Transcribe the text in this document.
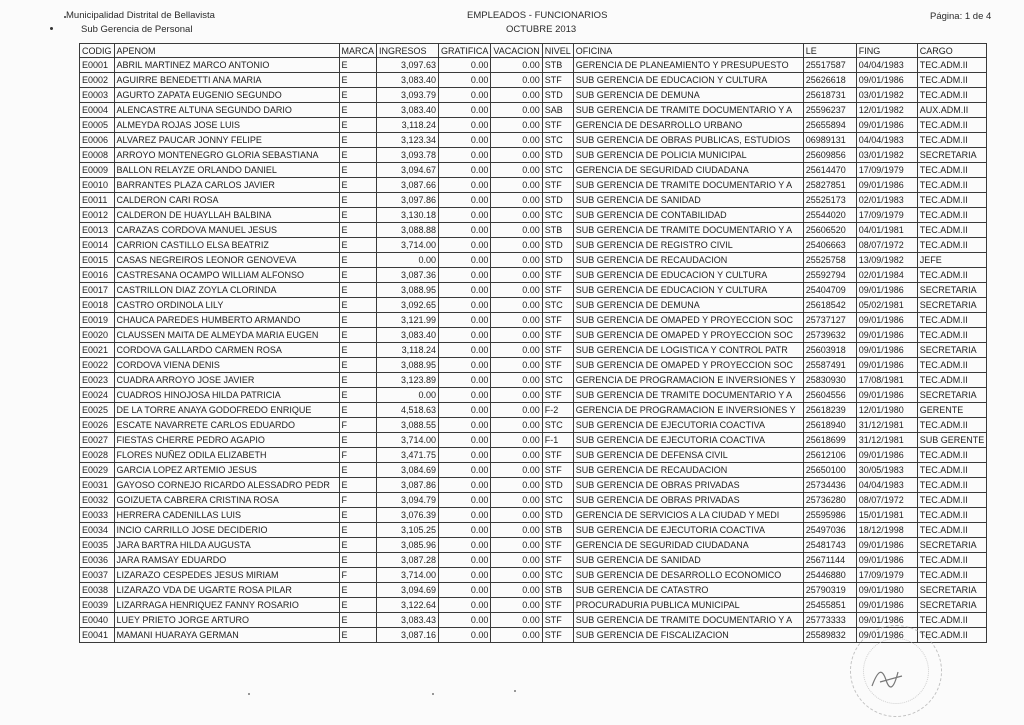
Municipalidad Distrital de Bellavista
Sub Gerencia de Personal
EMPLEADOS - FUNCIONARIOS
OCTUBRE 2013
Página: 1 de 4
CODIG	APENOM	MARCA	INGRESOS	GRATIFICA	VACACION	NIVEL	OFICINA	LE	FING	CARGO
E0001	ABRIL MARTINEZ MARCO ANTONIO	E	3,097.63	0.00	0.00	STB	GERENCIA DE PLANEAMIENTO Y PRESUPUESTO	25517587	04/04/1983	TEC.ADM.II
E0002	AGUIRRE BENEDETTI ANA MARIA	E	3,083.40	0.00	0.00	STF	SUB GERENCIA DE EDUCACION Y CULTURA	25626618	09/01/1986	TEC.ADM.II
E0003	AGURTO ZAPATA EUGENIO SEGUNDO	E	3,093.79	0.00	0.00	STD	SUB GERENCIA DE DEMUNA	25618731	03/01/1982	TEC.ADM.II
E0004	ALENCASTRE ALTUNA SEGUNDO DARIO	E	3,083.40	0.00	0.00	SAB	SUB GERENCIA DE TRAMITE DOCUMENTARIO Y A	25596237	12/01/1982	AUX.ADM.II
E0005	ALMEYDA ROJAS JOSE LUIS	E	3,118.24	0.00	0.00	STF	GERENCIA DE DESARROLLO URBANO	25655894	09/01/1986	TEC.ADM.II
E0006	ALVAREZ PAUCAR JONNY FELIPE	E	3,123.34	0.00	0.00	STC	SUB GERENCIA DE OBRAS PUBLICAS, ESTUDIOS	06989131	04/04/1983	TEC.ADM.II
E0008	ARROYO MONTENEGRO GLORIA SEBASTIANA	E	3,093.78	0.00	0.00	STD	SUB GERENCIA DE POLICIA MUNICIPAL	25609856	03/01/1982	SECRETARIA
E0009	BALLON RELAYZE ORLANDO DANIEL	E	3,094.67	0.00	0.00	STC	GERENCIA DE SEGURIDAD CIUDADANA	25614470	17/09/1979	TEC.ADM.II
E0010	BARRANTES PLAZA CARLOS JAVIER	E	3,087.66	0.00	0.00	STF	SUB GERENCIA DE TRAMITE DOCUMENTARIO Y A	25827851	09/01/1986	TEC.ADM.II
E0011	CALDERON CARI ROSA	E	3,097.86	0.00	0.00	STD	SUB GERENCIA DE SANIDAD	25525173	02/01/1983	TEC.ADM.II
E0012	CALDERON DE HUAYLLAH BALBINA	E	3,130.18	0.00	0.00	STC	SUB GERENCIA DE CONTABILIDAD	25544020	17/09/1979	TEC.ADM.II
E0013	CARAZAS CORDOVA MANUEL JESUS	E	3,088.88	0.00	0.00	STB	SUB GERENCIA DE TRAMITE DOCUMENTARIO Y A	25606520	04/01/1981	TEC.ADM.II
E0014	CARRION CASTILLO ELSA BEATRIZ	E	3,714.00	0.00	0.00	STD	SUB GERENCIA DE REGISTRO CIVIL	25406663	08/07/1972	TEC.ADM.II
E0015	CASAS NEGREIROS LEONOR GENOVEVA	E	0.00	0.00	0.00	STD	SUB GERENCIA DE RECAUDACION	25525758	13/09/1982	JEFE
E0016	CASTRESANA OCAMPO WILLIAM ALFONSO	E	3,087.36	0.00	0.00	STF	SUB GERENCIA DE EDUCACION Y CULTURA	25592794	02/01/1984	TEC.ADM.II
E0017	CASTRILLON DIAZ ZOYLA CLORINDA	E	3,088.95	0.00	0.00	STF	SUB GERENCIA DE EDUCACION Y CULTURA	25404709	09/01/1986	SECRETARIA
E0018	CASTRO ORDINOLA LILY	E	3,092.65	0.00	0.00	STC	SUB GERENCIA DE DEMUNA	25618542	05/02/1981	SECRETARIA
E0019	CHAUCA PAREDES HUMBERTO ARMANDO	E	3,121.99	0.00	0.00	STF	SUB GERENCIA DE OMAPED Y PROYECCION SOC	25737127	09/01/1986	TEC.ADM.II
E0020	CLAUSSEN MAITA DE ALMEYDA MARIA EUGEN	E	3,083.40	0.00	0.00	STF	SUB GERENCIA DE OMAPED Y PROYECCION SOC	25739632	09/01/1986	TEC.ADM.II
E0021	CORDOVA GALLARDO CARMEN ROSA	E	3,118.24	0.00	0.00	STF	SUB GERENCIA DE LOGISTICA Y CONTROL PATR	25603918	09/01/1986	SECRETARIA
E0022	CORDOVA VIENA DENIS	E	3,088.95	0.00	0.00	STF	SUB GERENCIA DE OMAPED Y PROYECCION SOC	25587491	09/01/1986	TEC.ADM.II
E0023	CUADRA ARROYO JOSE JAVIER	E	3,123.89	0.00	0.00	STC	GERENCIA DE PROGRAMACION E INVERSIONES Y	25830930	17/08/1981	TEC.ADM.II
E0024	CUADROS HINOJOSA HILDA PATRICIA	E	0.00	0.00	0.00	STF	SUB GERENCIA DE TRAMITE DOCUMENTARIO Y A	25604556	09/01/1986	SECRETARIA
E0025	DE LA TORRE ANAYA GODOFREDO ENRIQUE	E	4,518.63	0.00	0.00	F-2	GERENCIA DE PROGRAMACION E INVERSIONES Y	25618239	12/01/1980	GERENTE
E0026	ESCATE NAVARRETE CARLOS EDUARDO	F	3,088.55	0.00	0.00	STC	SUB GERENCIA DE EJECUTORIA COACTIVA	25618940	31/12/1981	TEC.ADM.II
E0027	FIESTAS CHERRE PEDRO AGAPIO	E	3,714.00	0.00	0.00	F-1	SUB GERENCIA DE EJECUTORIA COACTIVA	25618699	31/12/1981	SUB GERENTE
E0028	FLORES NUÑEZ ODILA ELIZABETH	F	3,471.75	0.00	0.00	STF	SUB GERENCIA DE DEFENSA CIVIL	25612106	09/01/1986	TEC.ADM.II
E0029	GARCIA LOPEZ ARTEMIO JESUS	E	3,084.69	0.00	0.00	STF	SUB GERENCIA DE RECAUDACION	25650100	30/05/1983	TEC.ADM.II
E0031	GAYOSO CORNEJO RICARDO ALESSADRO PEDR	E	3,087.86	0.00	0.00	STD	SUB GERENCIA DE OBRAS PRIVADAS	25734436	04/04/1983	TEC.ADM.II
E0032	GOIZUETA CABRERA CRISTINA ROSA	F	3,094.79	0.00	0.00	STC	SUB GERENCIA DE OBRAS PRIVADAS	25736280	08/07/1972	TEC.ADM.II
E0033	HERRERA CADENILLAS LUIS	E	3,076.39	0.00	0.00	STD	GERENCIA DE SERVICIOS A LA CIUDAD Y MEDI	25595986	15/01/1981	TEC.ADM.II
E0034	INCIO CARRILLO JOSE DECIDERIO	E	3,105.25	0.00	0.00	STB	SUB GERENCIA DE EJECUTORIA COACTIVA	25497036	18/12/1998	TEC.ADM.II
E0035	JARA BARTRA HILDA AUGUSTA	E	3,085.96	0.00	0.00	STF	GERENCIA DE SEGURIDAD CIUDADANA	25481743	09/01/1986	SECRETARIA
E0036	JARA RAMSAY EDUARDO	E	3,087.28	0.00	0.00	STF	SUB GERENCIA DE SANIDAD	25671144	09/01/1986	TEC.ADM.II
E0037	LIZARAZO CESPEDES JESUS MIRIAM	F	3,714.00	0.00	0.00	STC	SUB GERENCIA DE DESARROLLO ECONOMICO	25446880	17/09/1979	TEC.ADM.II
E0038	LIZARAZO VDA DE UGARTE ROSA PILAR	E	3,094.69	0.00	0.00	STB	SUB GERENCIA DE CATASTRO	25790319	09/01/1980	SECRETARIA
E0039	LIZARRAGA HENRIQUEZ FANNY ROSARIO	E	3,122.64	0.00	0.00	STF	PROCURADURIA PUBLICA MUNICIPAL	25455851	09/01/1986	SECRETARIA
E0040	LUEY PRIETO JORGE ARTURO	E	3,083.43	0.00	0.00	STF	SUB GERENCIA DE TRAMITE DOCUMENTARIO Y A	25773333	09/01/1986	TEC.ADM.II
E0041	MAMANI HUARAYA GERMAN	E	3,087.16	0.00	0.00	STF	SUB GERENCIA DE FISCALIZACION	25589832	09/01/1986	TEC.ADM.II
